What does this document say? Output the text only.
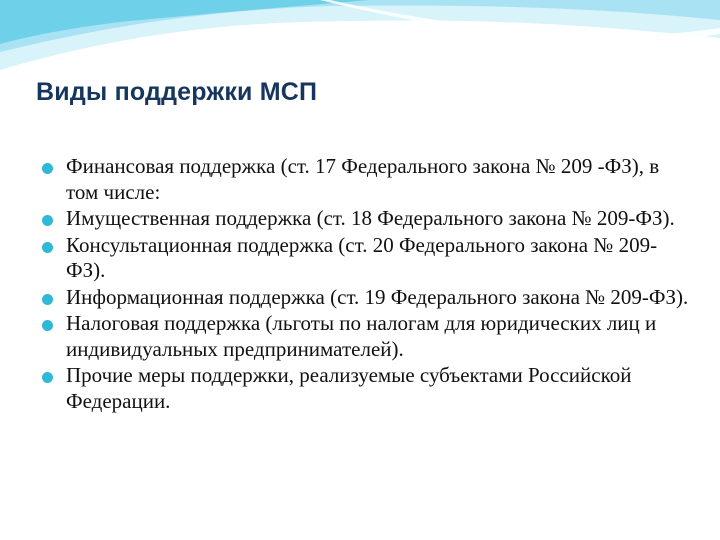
Виды поддержки МСП
Финансовая поддержка (ст. 17 Федерального закона № 209 -ФЗ), в том числе:
Имущественная поддержка (ст. 18 Федерального закона № 209-ФЗ).
Консультационная поддержка (ст. 20 Федерального закона № 209-ФЗ).
Информационная поддержка (ст. 19 Федерального закона № 209-ФЗ).
Налоговая поддержка (льготы по налогам для юридических лиц и индивидуальных предпринимателей).
Прочие меры поддержки, реализуемые субъектами Российской Федерации.
